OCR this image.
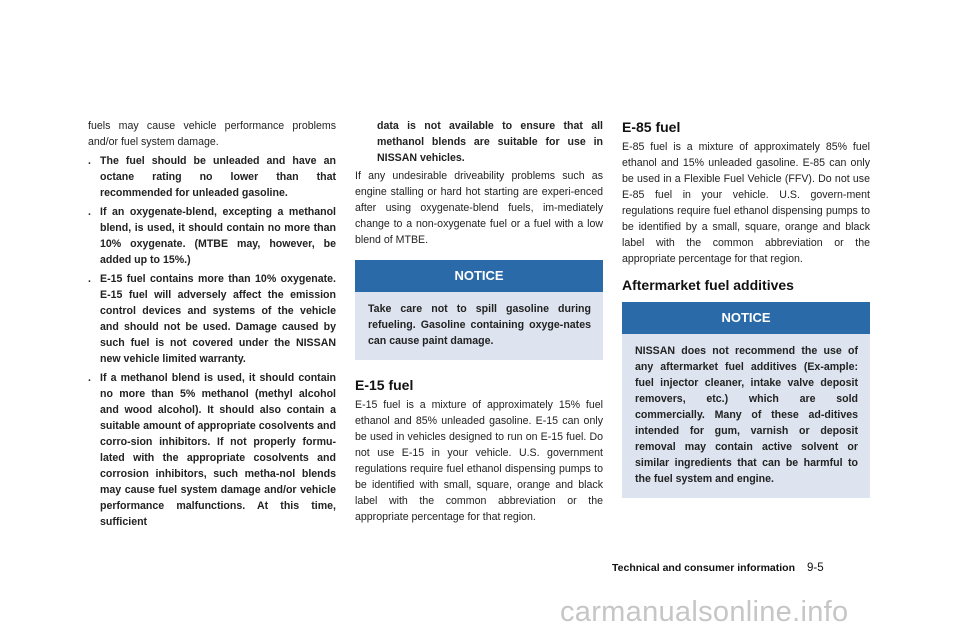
fuels may cause vehicle performance problems and/or fuel system damage.

. The fuel should be unleaded and have an octane rating no lower than that recommended for unleaded gasoline.
. If an oxygenate-blend, excepting a methanol blend, is used, it should contain no more than 10% oxygenate. (MTBE may, however, be added up to 15%.)
. E-15 fuel contains more than 10% oxygenate. E-15 fuel will adversely affect the emission control devices and systems of the vehicle and should not be used. Damage caused by such fuel is not covered under the NISSAN new vehicle limited warranty.
. If a methanol blend is used, it should contain no more than 5% methanol (methyl alcohol and wood alcohol). It should also contain a suitable amount of appropriate cosolvents and corro-sion inhibitors. If not properly formu-lated with the appropriate cosolvents and corrosion inhibitors, such metha-nol blends may cause fuel system damage and/or vehicle performance malfunctions. At this time, sufficient

data is not available to ensure that all methanol blends are suitable for use in NISSAN vehicles.

If any undesirable driveability problems such as engine stalling or hard hot starting are experi-enced after using oxygenate-blend fuels, im-mediately change to a non-oxygenate fuel or a fuel with a low blend of MTBE.

NOTICE
Take care not to spill gasoline during refueling. Gasoline containing oxyge-nates can cause paint damage.
E-15 fuel

E-15 fuel is a mixture of approximately 15% fuel ethanol and 85% unleaded gasoline. E-15 can only be used in vehicles designed to run on E-15 fuel. Do not use E-15 in your vehicle. U.S. government regulations require fuel ethanol dispensing pumps to be identified with small, square, orange and black label with the common abbreviation or the appropriate percentage for that region.

E-85 fuel

E-85 fuel is a mixture of approximately 85% fuel ethanol and 15% unleaded gasoline. E-85 can only be used in a Flexible Fuel Vehicle (FFV). Do not use E-85 fuel in your vehicle. U.S. govern-ment regulations require fuel ethanol dispensing pumps to be identified by a small, square, orange and black label with the common abbreviation or the appropriate percentage for that region.

Aftermarket fuel additives
NOTICE
NISSAN does not recommend the use of any aftermarket fuel additives (Ex-ample: fuel injector cleaner, intake valve deposit removers, etc.) which are sold commercially. Many of these ad-ditives intended for gum, varnish or deposit removal may contain active solvent or similar ingredients that can be harmful to the fuel system and engine.
Technical and consumer information 9-5
carmanualsonline.info
